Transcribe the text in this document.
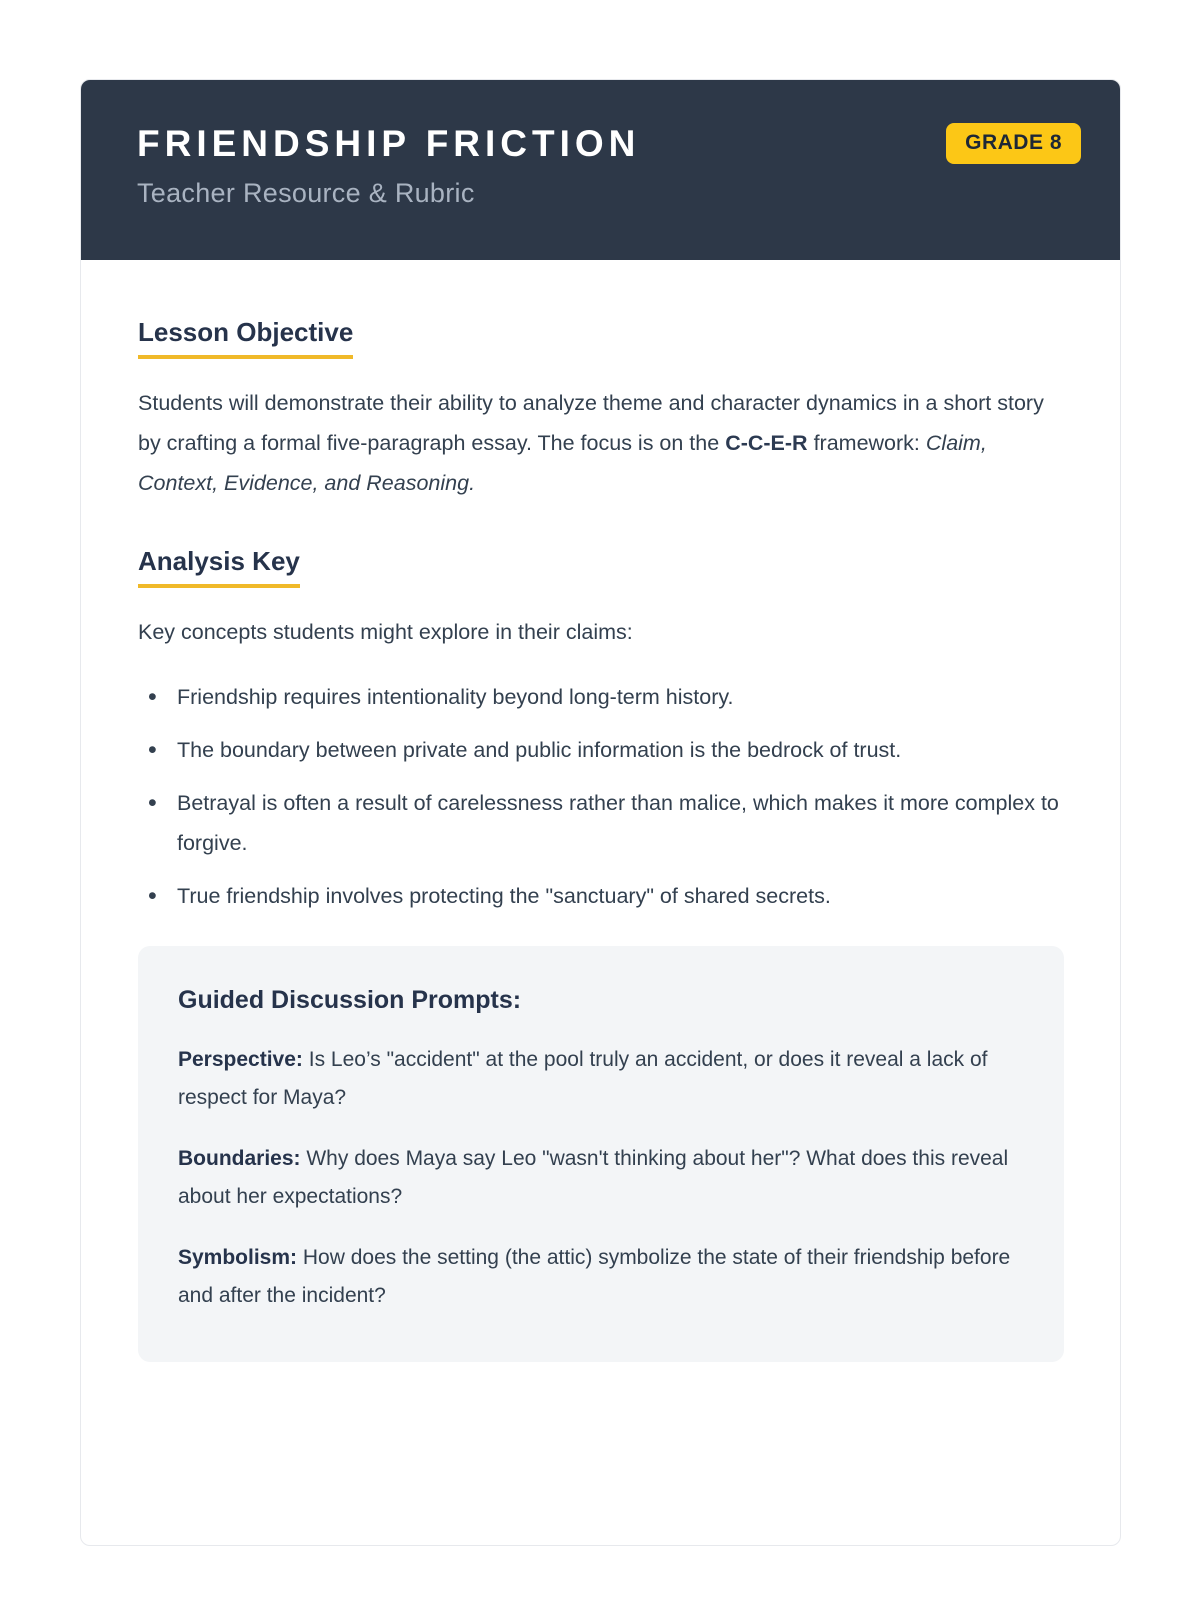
FRIENDSHIP FRICTION
Teacher Resource & Rubric
GRADE 8
Lesson Objective

Students will demonstrate their ability to analyze theme and character dynamics in a short story by crafting a formal five-paragraph essay. The focus is on the C-C-E-R framework: Claim, Context, Evidence, and Reasoning.

Analysis Key

Key concepts students might explore in their claims:

• Friendship requires intentionality beyond long-term history.
• The boundary between private and public information is the bedrock of trust.
• Betrayal is often a result of carelessness rather than malice, which makes it more complex to forgive.
• True friendship involves protecting the "sanctuary" of shared secrets.
Guided Discussion Prompts:

Perspective: Is Leo’s "accident" at the pool truly an accident, or does it reveal a lack of respect for Maya?

Boundaries: Why does Maya say Leo "wasn't thinking about her"? What does this reveal about her expectations?

Symbolism: How does the setting (the attic) symbolize the state of their friendship before and after the incident?
